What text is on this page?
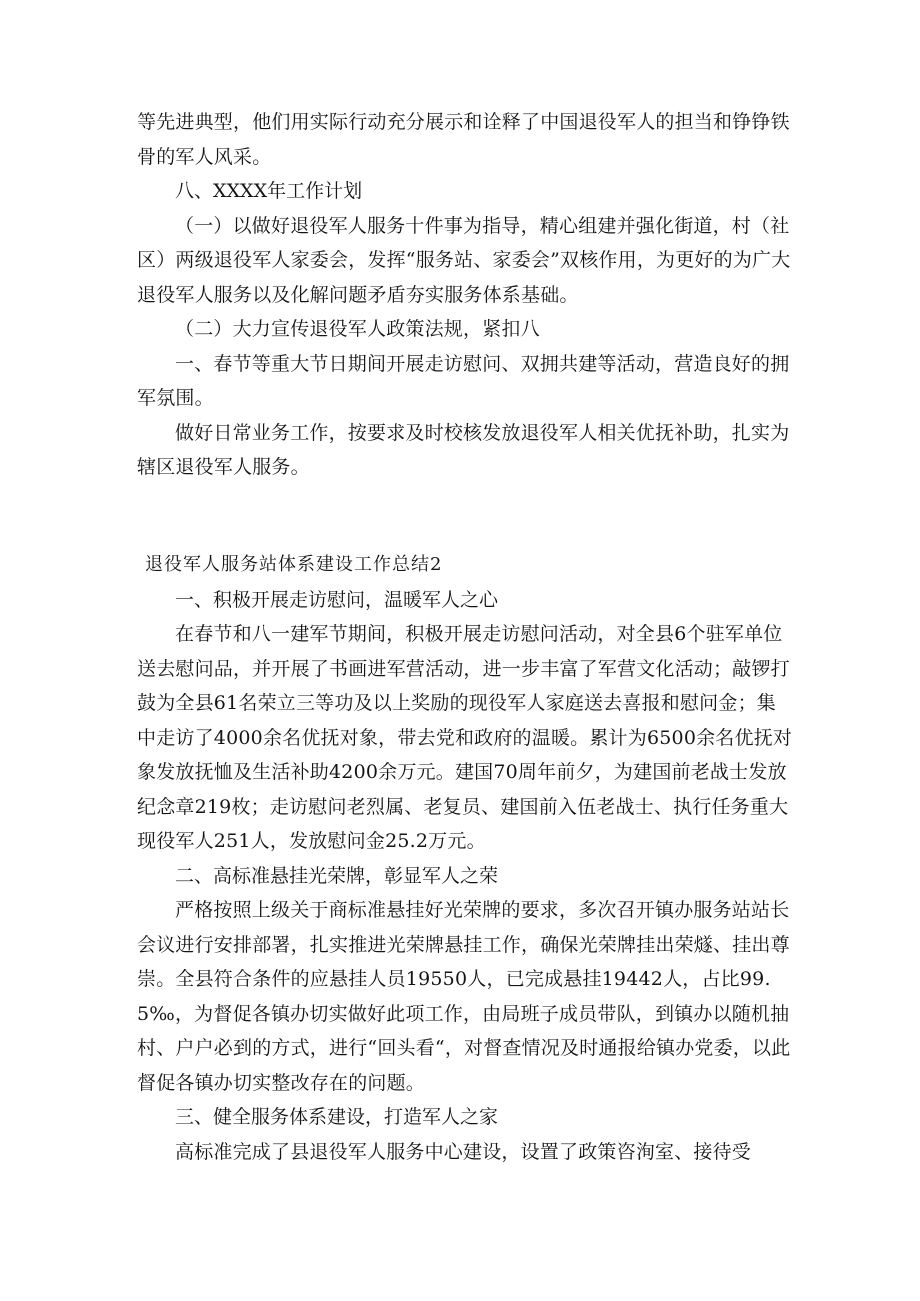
等先进典型，他们用实际行动充分展示和诠释了中国退役军人的担当和铮铮铁骨的军人风采。

八、XXXX年工作计划

（一）以做好退役军人服务十件事为指导，精心组建并强化街道，村（社区）两级退役军人家委会，发挥“服务站、家委会”双核作用，为更好的为广大退役军人服务以及化解问题矛盾夯实服务体系基础。

（二）大力宣传退役军人政策法规，紧扣八

一、春节等重大节日期间开展走访慰问、双拥共建等活动，营造良好的拥军氛围。

做好日常业务工作，按要求及时校核发放退役军人相关优抚补助，扎实为辖区退役军人服务。

退役军人服务站体系建设工作总结2

一、积极开展走访慰问，温暖军人之心

在春节和八一建军节期间，积极开展走访慰问活动，对全县6个驻军单位送去慰问品，并开展了书画进军营活动，进一步丰富了军营文化活动；敲锣打鼓为全县61名荣立三等功及以上奖励的现役军人家庭送去喜报和慰问金；集中走访了4000余名优抚对象，带去党和政府的温暖。累计为6500余名优抚对象发放抚恤及生活补助4200余万元。建国70周年前夕，为建国前老战士发放纪念章219枚；走访慰问老烈属、老复员、建国前入伍老战士、执行任务重大现役军人251人，发放慰问金25.2万元。

二、高标准悬挂光荣牌，彰显军人之荣

严格按照上级关于商标准悬挂好光荣牌的要求，多次召开镇办服务站站长会议进行安排部署，扎实推进光荣牌悬挂工作，确保光荣牌挂出荣燧、挂出尊崇。全县符合条件的应悬挂人员19550人，已完成悬挂19442人，占比99.5‰，为督促各镇办切实做好此项工作，由局班子成员带队，到镇办以随机抽村、户户必到的方式，进行“回头看“，对督查情况及时通报给镇办党委，以此督促各镇办切实整改存在的问题。

三、健全服务体系建设，打造军人之家

高标准完成了县退役军人服务中心建设，设置了政策咨洵室、接待受
